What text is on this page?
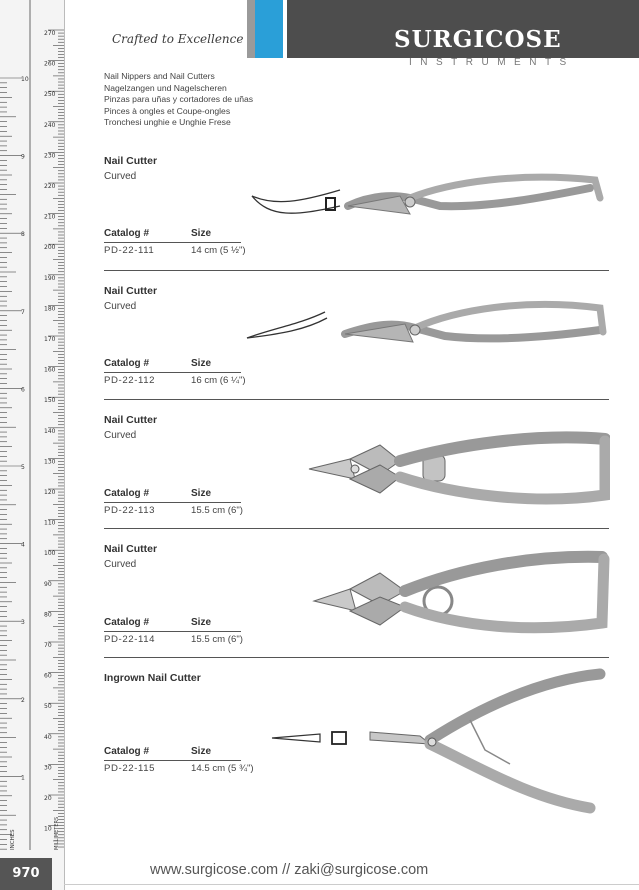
270
260
250
240
230
220
210
200
190
180
170
160
150
140
130
120
110
100
90
80
70
60
50
40
30
20
10
10
9
8
7
6
5
4
3
2
1
INCHES	MILLIMETERS
970
Crafted to Excellence	SURGICOSE
INSTRUMENTS
Nail Nippers and Nail Cutters
Nagelzangen und Nagelscheren
Pinzas para uñas y cortadores de uñas
Pinces à ongles et Coupe-ongles
Tronchesi unghie e Unghie Frese
Nail Cutter
Curved
Catalog #	Size
PD-22-111	14 cm (5 ½")
Nail Cutter
Curved
Catalog #	Size
PD-22-112	16 cm (6 ¼")
Nail Cutter
Curved
Catalog #	Size
PD-22-113	15.5 cm (6")
Nail Cutter
Curved
Catalog #	Size
PD-22-114	15.5 cm (6")
Ingrown Nail Cutter
Catalog #	Size
PD-22-115	14.5 cm (5 ¾")
www.surgicose.com // zaki@surgicose.com
